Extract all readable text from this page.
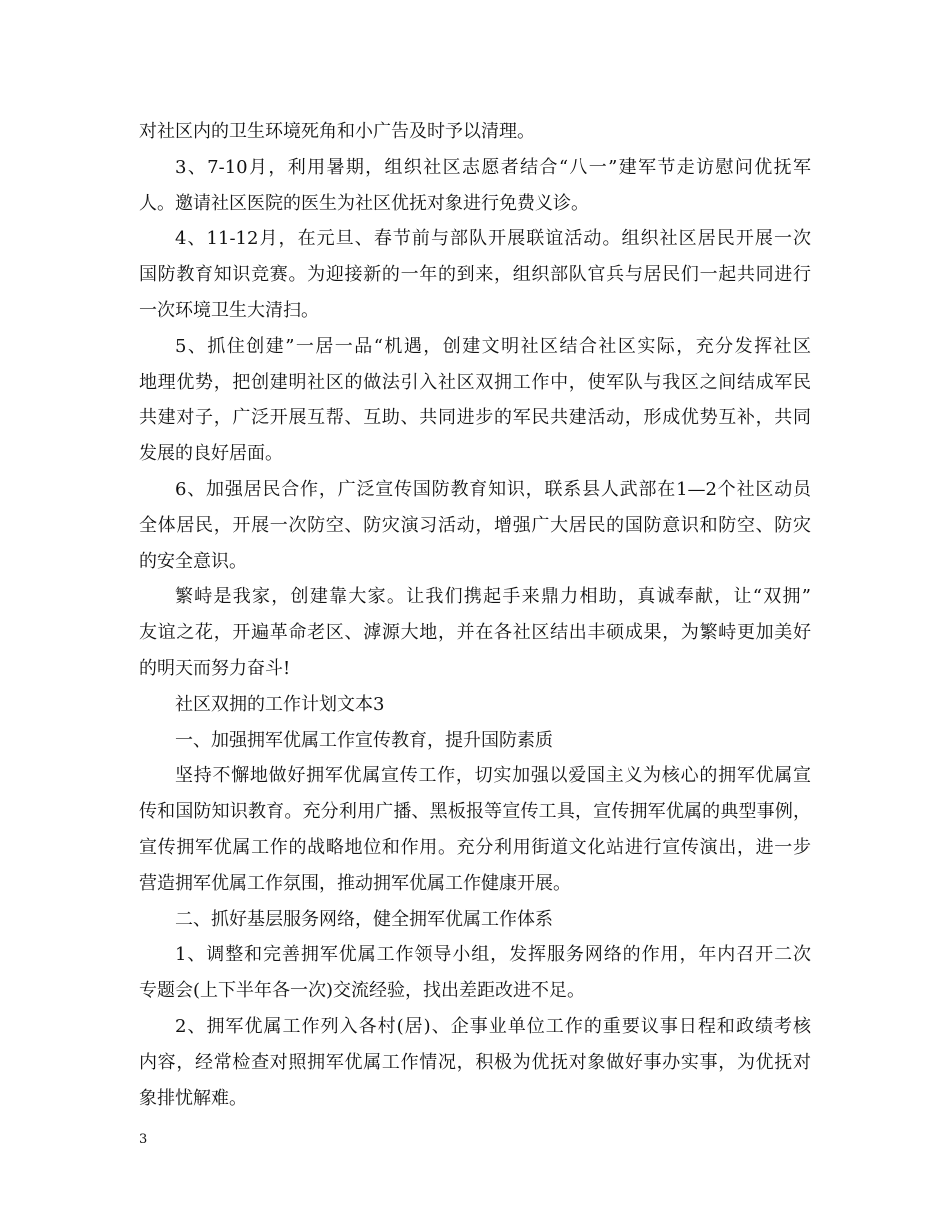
对社区内的卫生环境死角和小广告及时予以清理。
3、7-10月，利用暑期，组织社区志愿者结合“八一”建军节走访慰问优抚军
人。邀请社区医院的医生为社区优抚对象进行免费义诊。
4、11-12月，在元旦、春节前与部队开展联谊活动。组织社区居民开展一次
国防教育知识竞赛。为迎接新的一年的到来，组织部队官兵与居民们一起共同进行
一次环境卫生大清扫。
5、抓住创建”一居一品“机遇，创建文明社区结合社区实际，充分发挥社区
地理优势，把创建明社区的做法引入社区双拥工作中，使军队与我区之间结成军民
共建对子，广泛开展互帮、互助、共同进步的军民共建活动，形成优势互补，共同
发展的良好居面。
6、加强居民合作，广泛宣传国防教育知识，联系县人武部在1—2个社区动员
全体居民，开展一次防空、防灾演习活动，增强广大居民的国防意识和防空、防灾
的安全意识。
繁峙是我家，创建靠大家。让我们携起手来鼎力相助，真诚奉献，让“双拥”
友谊之花，开遍革命老区、滹源大地，并在各社区结出丰硕成果，为繁峙更加美好
的明天而努力奋斗!
社区双拥的工作计划文本3
一、加强拥军优属工作宣传教育，提升国防素质
坚持不懈地做好拥军优属宣传工作，切实加强以爱国主义为核心的拥军优属宣
传和国防知识教育。充分利用广播、黑板报等宣传工具，宣传拥军优属的典型事例，
宣传拥军优属工作的战略地位和作用。充分利用街道文化站进行宣传演出，进一步
营造拥军优属工作氛围，推动拥军优属工作健康开展。
二、抓好基层服务网络，健全拥军优属工作体系
1、调整和完善拥军优属工作领导小组，发挥服务网络的作用，年内召开二次
专题会(上下半年各一次)交流经验，找出差距改进不足。
2、拥军优属工作列入各村(居)、企事业单位工作的重要议事日程和政绩考核
内容，经常检查对照拥军优属工作情况，积极为优抚对象做好事办实事，为优抚对
象排忧解难。
3
